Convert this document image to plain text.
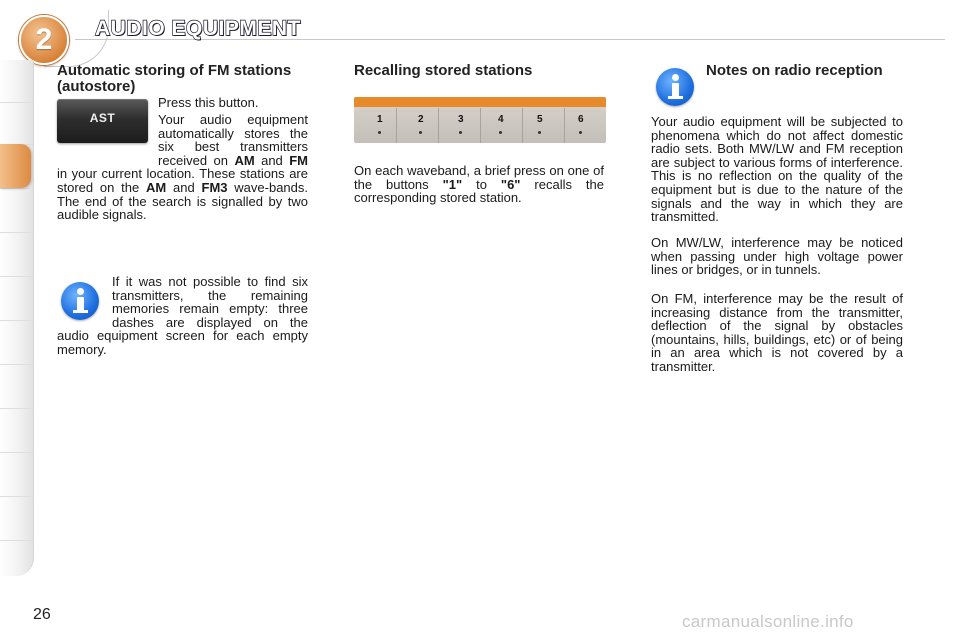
2 AUDIO EQUIPMENT
Automatic storing of FM stations (autostore)
AST

Press this button.

Your audio equipment automatically stores the six best transmitters received on AM and FM in your current location. These stations are stored on the AM and FM3 wave-bands. The end of the search is signalled by two audible signals.

If it was not possible to find six transmitters, the remaining memories remain empty: three dashes are displayed on the audio equipment screen for each empty memory.

Recalling stored stations
1	2	3	4	5	6

On each waveband, a brief press on one of the buttons "1" to "6" recalls the corresponding stored station.

Notes on radio reception

Your audio equipment will be subjected to phenomena which do not affect domestic radio sets. Both MW/LW and FM reception are subject to various forms of interference. This is no reflection on the quality of the equipment but is due to the nature of the signals and the way in which they are transmitted.

On MW/LW, interference may be noticed when passing under high voltage power lines or bridges, or in tunnels.

On FM, interference may be the result of increasing distance from the transmitter, deflection of the signal by obstacles (mountains, hills, buildings, etc) or of being in an area which is not covered by a transmitter.

26	carmanualsonline.info
